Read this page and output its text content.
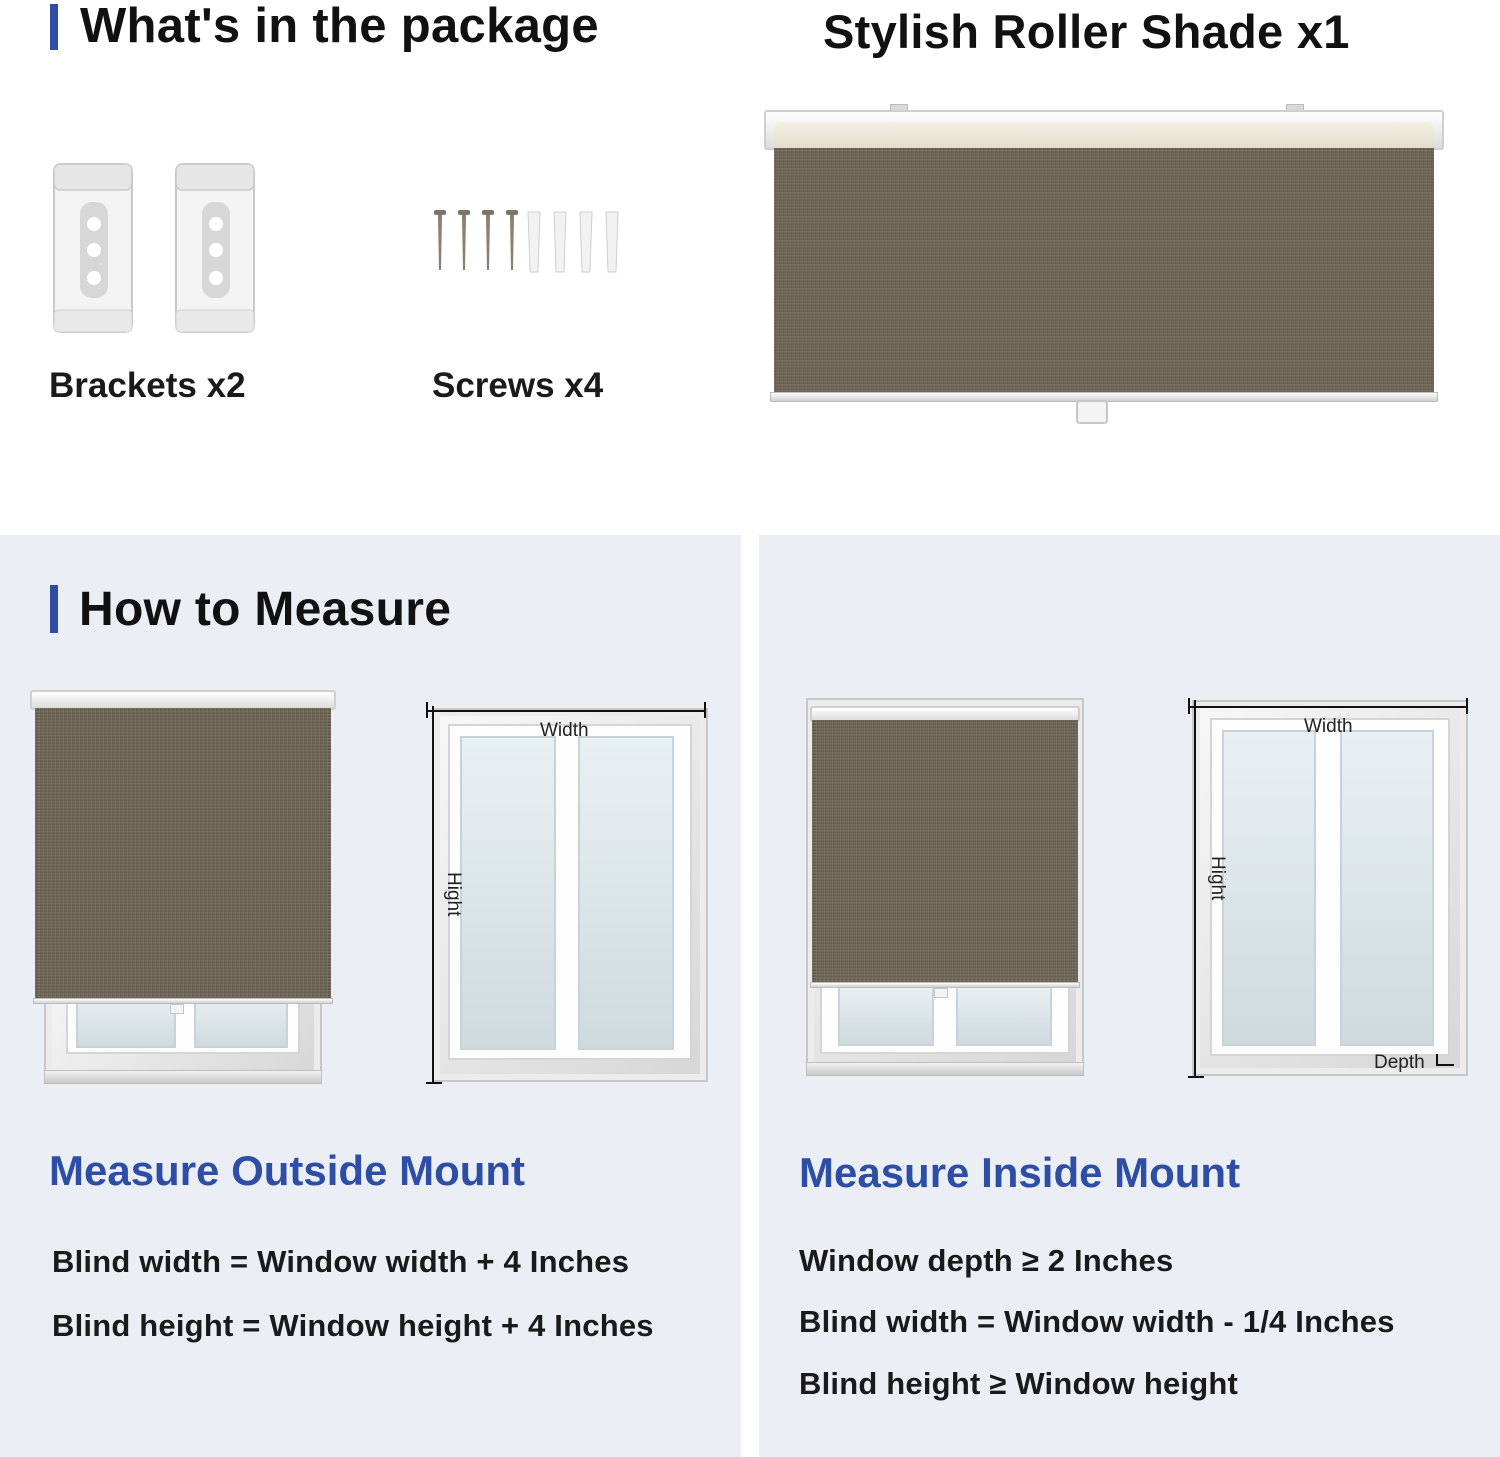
What's in the package	Stylish Roller Shade x1
Brackets x2	Screws x4
How to Measure
Width
Hight
Width
Hight
Depth
Measure Outside Mount
Blind width = Window width + 4 Inches
Blind height = Window height + 4 Inches
Measure Inside Mount
Window depth ≥ 2 Inches
Blind width = Window width - 1/4 Inches
Blind height ≥ Window height
